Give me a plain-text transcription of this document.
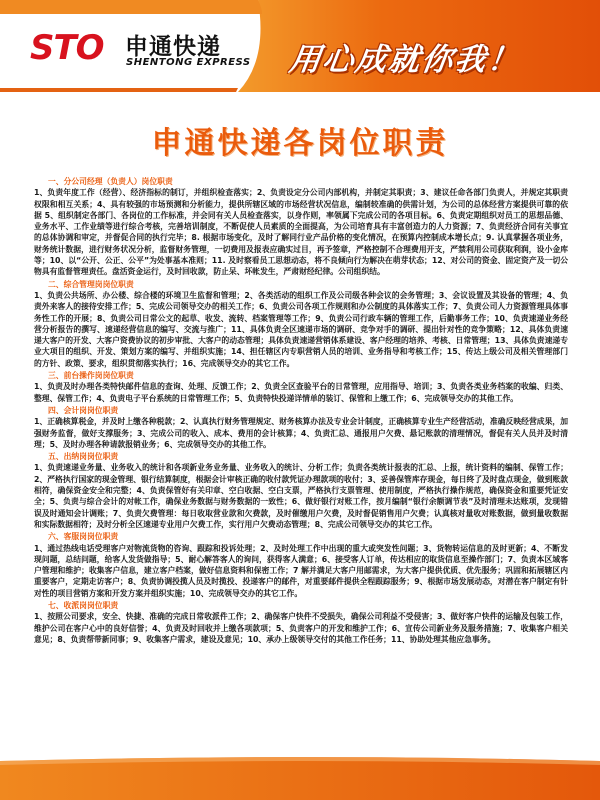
STO 申通快递
SHENTONG EXPRESS 用心成就你我！
申通快递各岗位职责
一、分公司经理（负责人）岗位职责

1、负责年度工作（经营）、经济指标的制订，并组织检查落实；2、负责设定分公司内部机构，并制定其职责；3、建议任命各部门负责人，并规定其职责权限和相互关系；4、具有较强的市场预测和分析能力，提供所辖区域的市场经营状况信息，编制较准确的供需计划，为公司的总体经营方案提供可靠的依据 5、组织制定各部门、各岗位的工作标准，并会同有关人员检查落实，以身作则，率领属下完成公司的各项目标。6、负责定期组织对员工的思想品德、业务水平、工作业绩等进行综合考核，完善培训制度，不断促使人员素质的全面提高，为公司培育具有丰富创造力的人力资源；7、负责经济合同有关事宜的总体协调和审定，并督促合同的执行完毕；8. 根据市场变化，及时了解同行业产品价格的变化情况，在预算内控制成本增长点；9. 认真掌握各项业务，财务统计数据，进行财务状况分析，监督财务管理，一切费用及报表应确实过目，再予签章，严格控制不合理费用开支，严禁利用公司获取利润，设小金库等；10、以“公开、公正、公平”为处事基本准则；11. 及时察看员工思想动态，将不良倾向行为解决在萌芽状态；12、对公司的资金、固定资产及一切公物具有监督管理责任。盘活资金运行，及时回收款，防止呆、坏帐发生，严肃财经纪律。公司组织结。

二、综合管理岗岗位职责

1、负责公共场所、办公楼、综合楼的环境卫生监督和管理；2、各类活动的组织工作及公司级各种会议的会务管理；3、会议设置及其设备的管理；4、负责外来客人的接待安排工作；5、完成公司领导交办的相关工作；6、负责公司各项工作规则和办公制度的具体落实工作；7、负责公司人力资源管理具体事务性工作的开展；8、负责公司日常公文的起草、收发、流转、档案管理等工作；9、负责公司行政车辆的管理工作，后勤事务工作；10、负责速递业务经营分析报告的撰写、速递经营信息的编写、交流与推广；11、具体负责全区速递市场的调研、竞争对手的调研、提出针对性的竞争策略；12、具体负责速递大客户的开发、大客户资费协议的初步审批、大客户的动态管理；具体负责速递营销体系建设、客户经理的培养、考核、日常管理；13、具体负责速递专业大项目的组织、开发、策划方案的编写、并组织实施；14、担任辖区内专职营销人员的培训、业务指导和考核工作；15、传达上级公司及相关管理部门的方针、政策、要求，组织贯彻落实执行；16、完成领导交办的其它工作。

三、前台操作岗岗位职责

1、负责及时办理各类特快邮件信息的查询、处理、反馈工作；2、负责全区查验平台的日常管理，应用指导、培训；3、负责各类业务档案的收编、归类、整理、保管工作；4、负责电子平台系统的日常管理工作；5、负责特快投递详情单的装订、保管和上缴工作；6、完成领导交办的其他工作。

四、会计岗岗位职责

1、正确核算税金，并及时上缴各种税款；2、认真执行财务管理规定、财务核算办法及专业会计制度，正确核算专业生产经营活动，准确反映经营成果，加强财务监督，做好支撑服务；3、完成公司的收入、成本、费用的会计核算；4、负责汇总、通报用户欠费、悬记账款的清理情况，督促有关人员并及时清理；5、及时办理各种请款报销业务；6、完成领导交办的其他工作。

五、出纳岗岗位职责

1、负责速递业务量、业务收入的统计和各项新业务业务量、业务收入的统计、分析工作；负责各类统计报表的汇总、上报，统计资料的编制、保管工作；2、严格执行国家的现金管理、银行结算制度，根据会计审核正确的收付款凭证办理款项的收付；3、妥善保管库存现金，每日终了及时盘点现金，做到账款相符，确保资金安全和完整；4、负责保管好有关印章、空白收据、空白支票，严格执行支票管理、使用制度，严格执行操作规范，确保资金和重要凭证安全；5、负责与综合会计的对帐工作，确保业务数据与财务数据的一致性；6、做好银行对账工作，按月编制“银行余额调节表”及时清理未达账项，发现错误及时通知会计调账；7、负责欠费管理：每日收取营业款和欠费款，及时催缴用户欠费，及时督促销售用户欠费；认真核对量收对账数据，做到量收数据和实际数据相符；及时分析全区速递专业用户欠费工作，实行用户欠费动态管理；8、完成公司领导交办的其它工作。

六、客服岗岗位职责

1、通过热线电话受理客户对物流货物的咨询、跟踪和投诉处理；2、及时处理工作中出现的重大或突发性问题；3、货物转运信息的及时更新；4、不断发现问题，总结问题，给客人发货做指导；5、耐心解答客人的询问，获得客人满意；6、接受客人订单，传达相应的取货信息至操作部门；7、负责本区域客户管理和维护；收集客户信息，建立客户档案，做好信息资料和保密工作；7 解并满足大客户用邮需求，为大客户提供优质、优先服务；巩固和拓展辖区内重要客户，定期走访客户；8、负责协调投揽人员及时揽投、投递客户的邮件，对重要邮件提供全程跟踪服务；9、根据市场发展动态，对潜在客户制定有针对性的项目营销方案和开发方案并组织实施；10、完成领导交办的其它工作。

七、收派岗岗位职责

1、按照公司要求，安全、快捷、准确的完成日常收派件工作；2、确保客户快件不受损失，确保公司利益不受侵害；3、做好客户快件的运输及包装工作，维护公司在客户心中的良好信誉；4、负责及时回收并上缴各项款项；5、负责客户的开发和维护工作；6、宣传公司新业务及服务措施；7、收集客户相关意见；8、负责帮带新同事；9、收集客户需求，建设及意见；10、承办上级领导交付的其他工作任务；11、协助处理其他应急事务。
